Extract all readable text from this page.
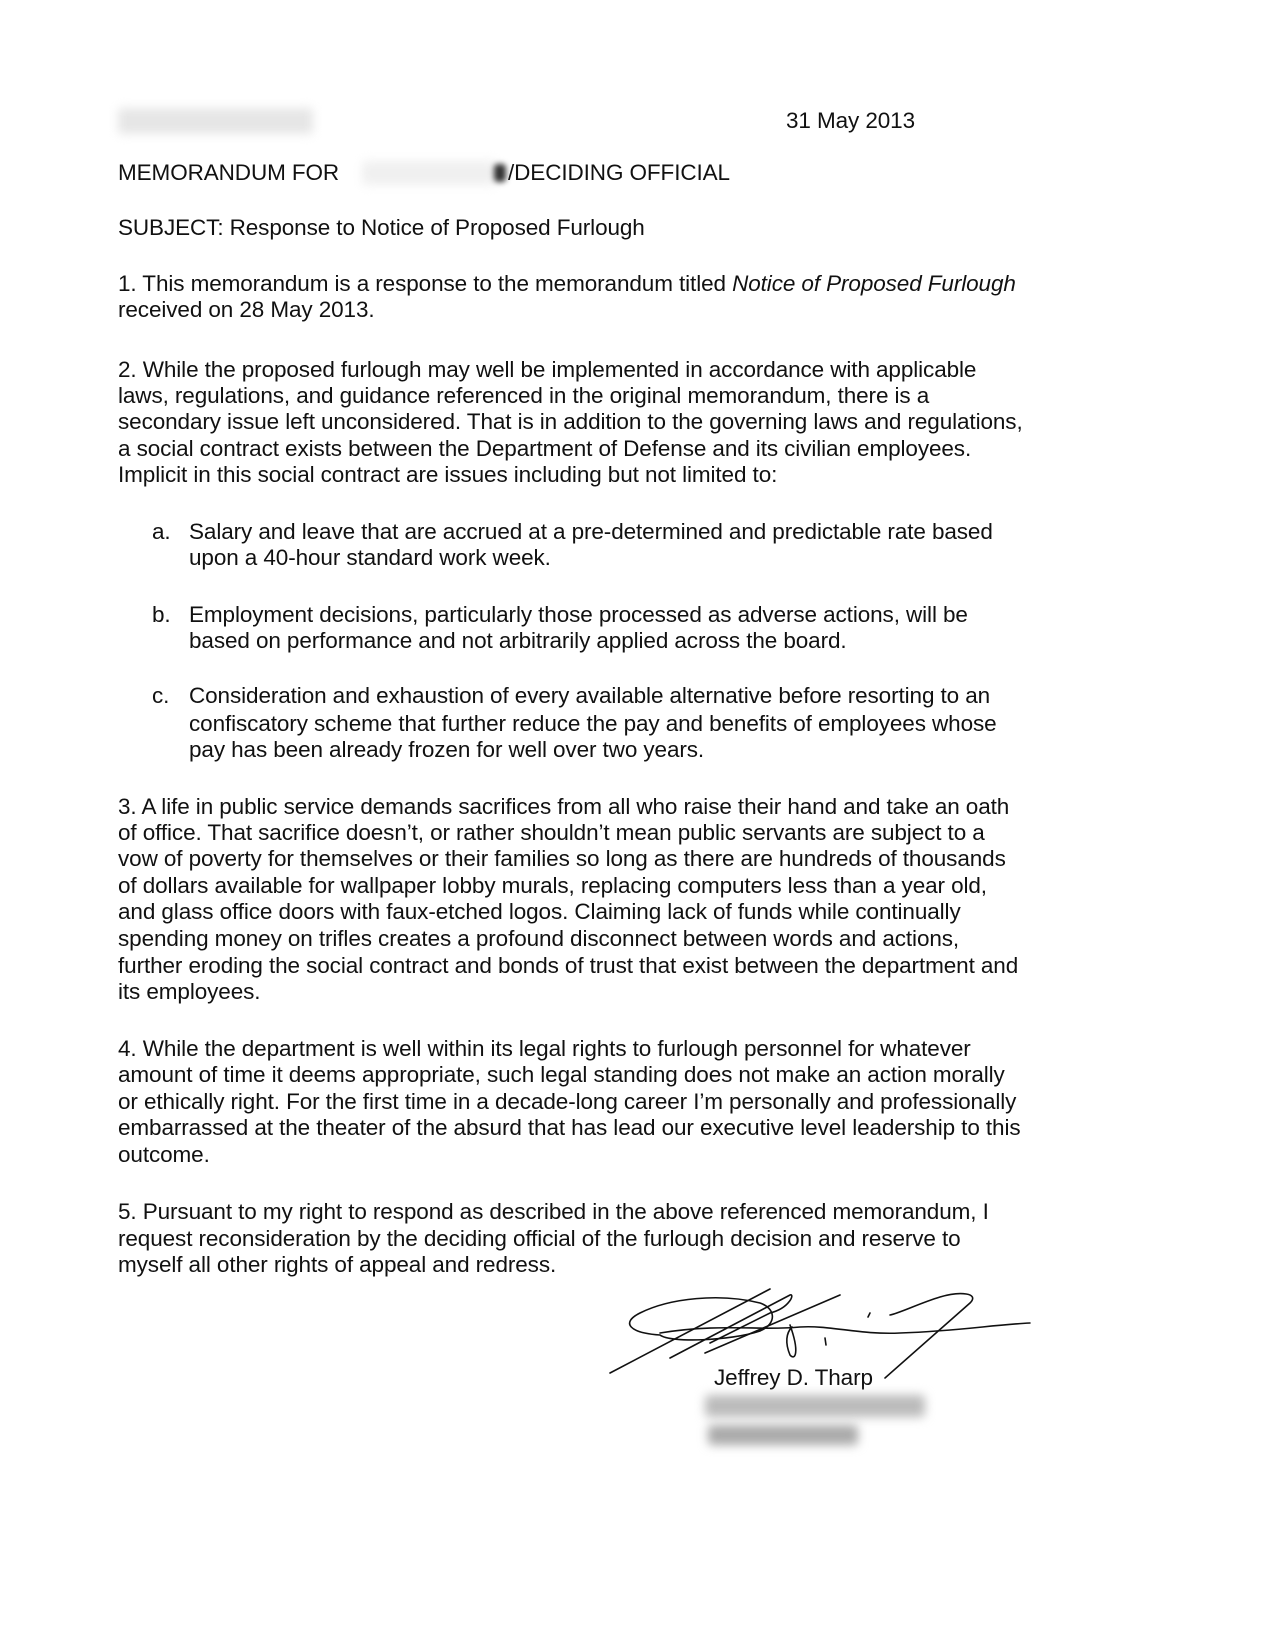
31 May 2013
MEMORANDUM FOR	/DECIDING OFFICIAL
SUBJECT: Response to Notice of Proposed Furlough
1. This memorandum is a response to the memorandum titled Notice of Proposed Furlough
received on 28 May 2013.
2. While the proposed furlough may well be implemented in accordance with applicable
laws, regulations, and guidance referenced in the original memorandum, there is a
secondary issue left unconsidered. That is in addition to the governing laws and regulations,
a social contract exists between the Department of Defense and its civilian employees.
Implicit in this social contract are issues including but not limited to:
a. Salary and leave that are accrued at a pre-determined and predictable rate based
upon a 40-hour standard work week.
b. Employment decisions, particularly those processed as adverse actions, will be
based on performance and not arbitrarily applied across the board.
c. Consideration and exhaustion of every available alternative before resorting to an
confiscatory scheme that further reduce the pay and benefits of employees whose
pay has been already frozen for well over two years.
3. A life in public service demands sacrifices from all who raise their hand and take an oath
of office. That sacrifice doesn’t, or rather shouldn’t mean public servants are subject to a
vow of poverty for themselves or their families so long as there are hundreds of thousands
of dollars available for wallpaper lobby murals, replacing computers less than a year old,
and glass office doors with faux-etched logos. Claiming lack of funds while continually
spending money on trifles creates a profound disconnect between words and actions,
further eroding the social contract and bonds of trust that exist between the department and
its employees.
4. While the department is well within its legal rights to furlough personnel for whatever
amount of time it deems appropriate, such legal standing does not make an action morally
or ethically right. For the first time in a decade-long career I’m personally and professionally
embarrassed at the theater of the absurd that has lead our executive level leadership to this
outcome.
5. Pursuant to my right to respond as described in the above referenced memorandum, I
request reconsideration by the deciding official of the furlough decision and reserve to
myself all other rights of appeal and redress.
Jeffrey D. Tharp
